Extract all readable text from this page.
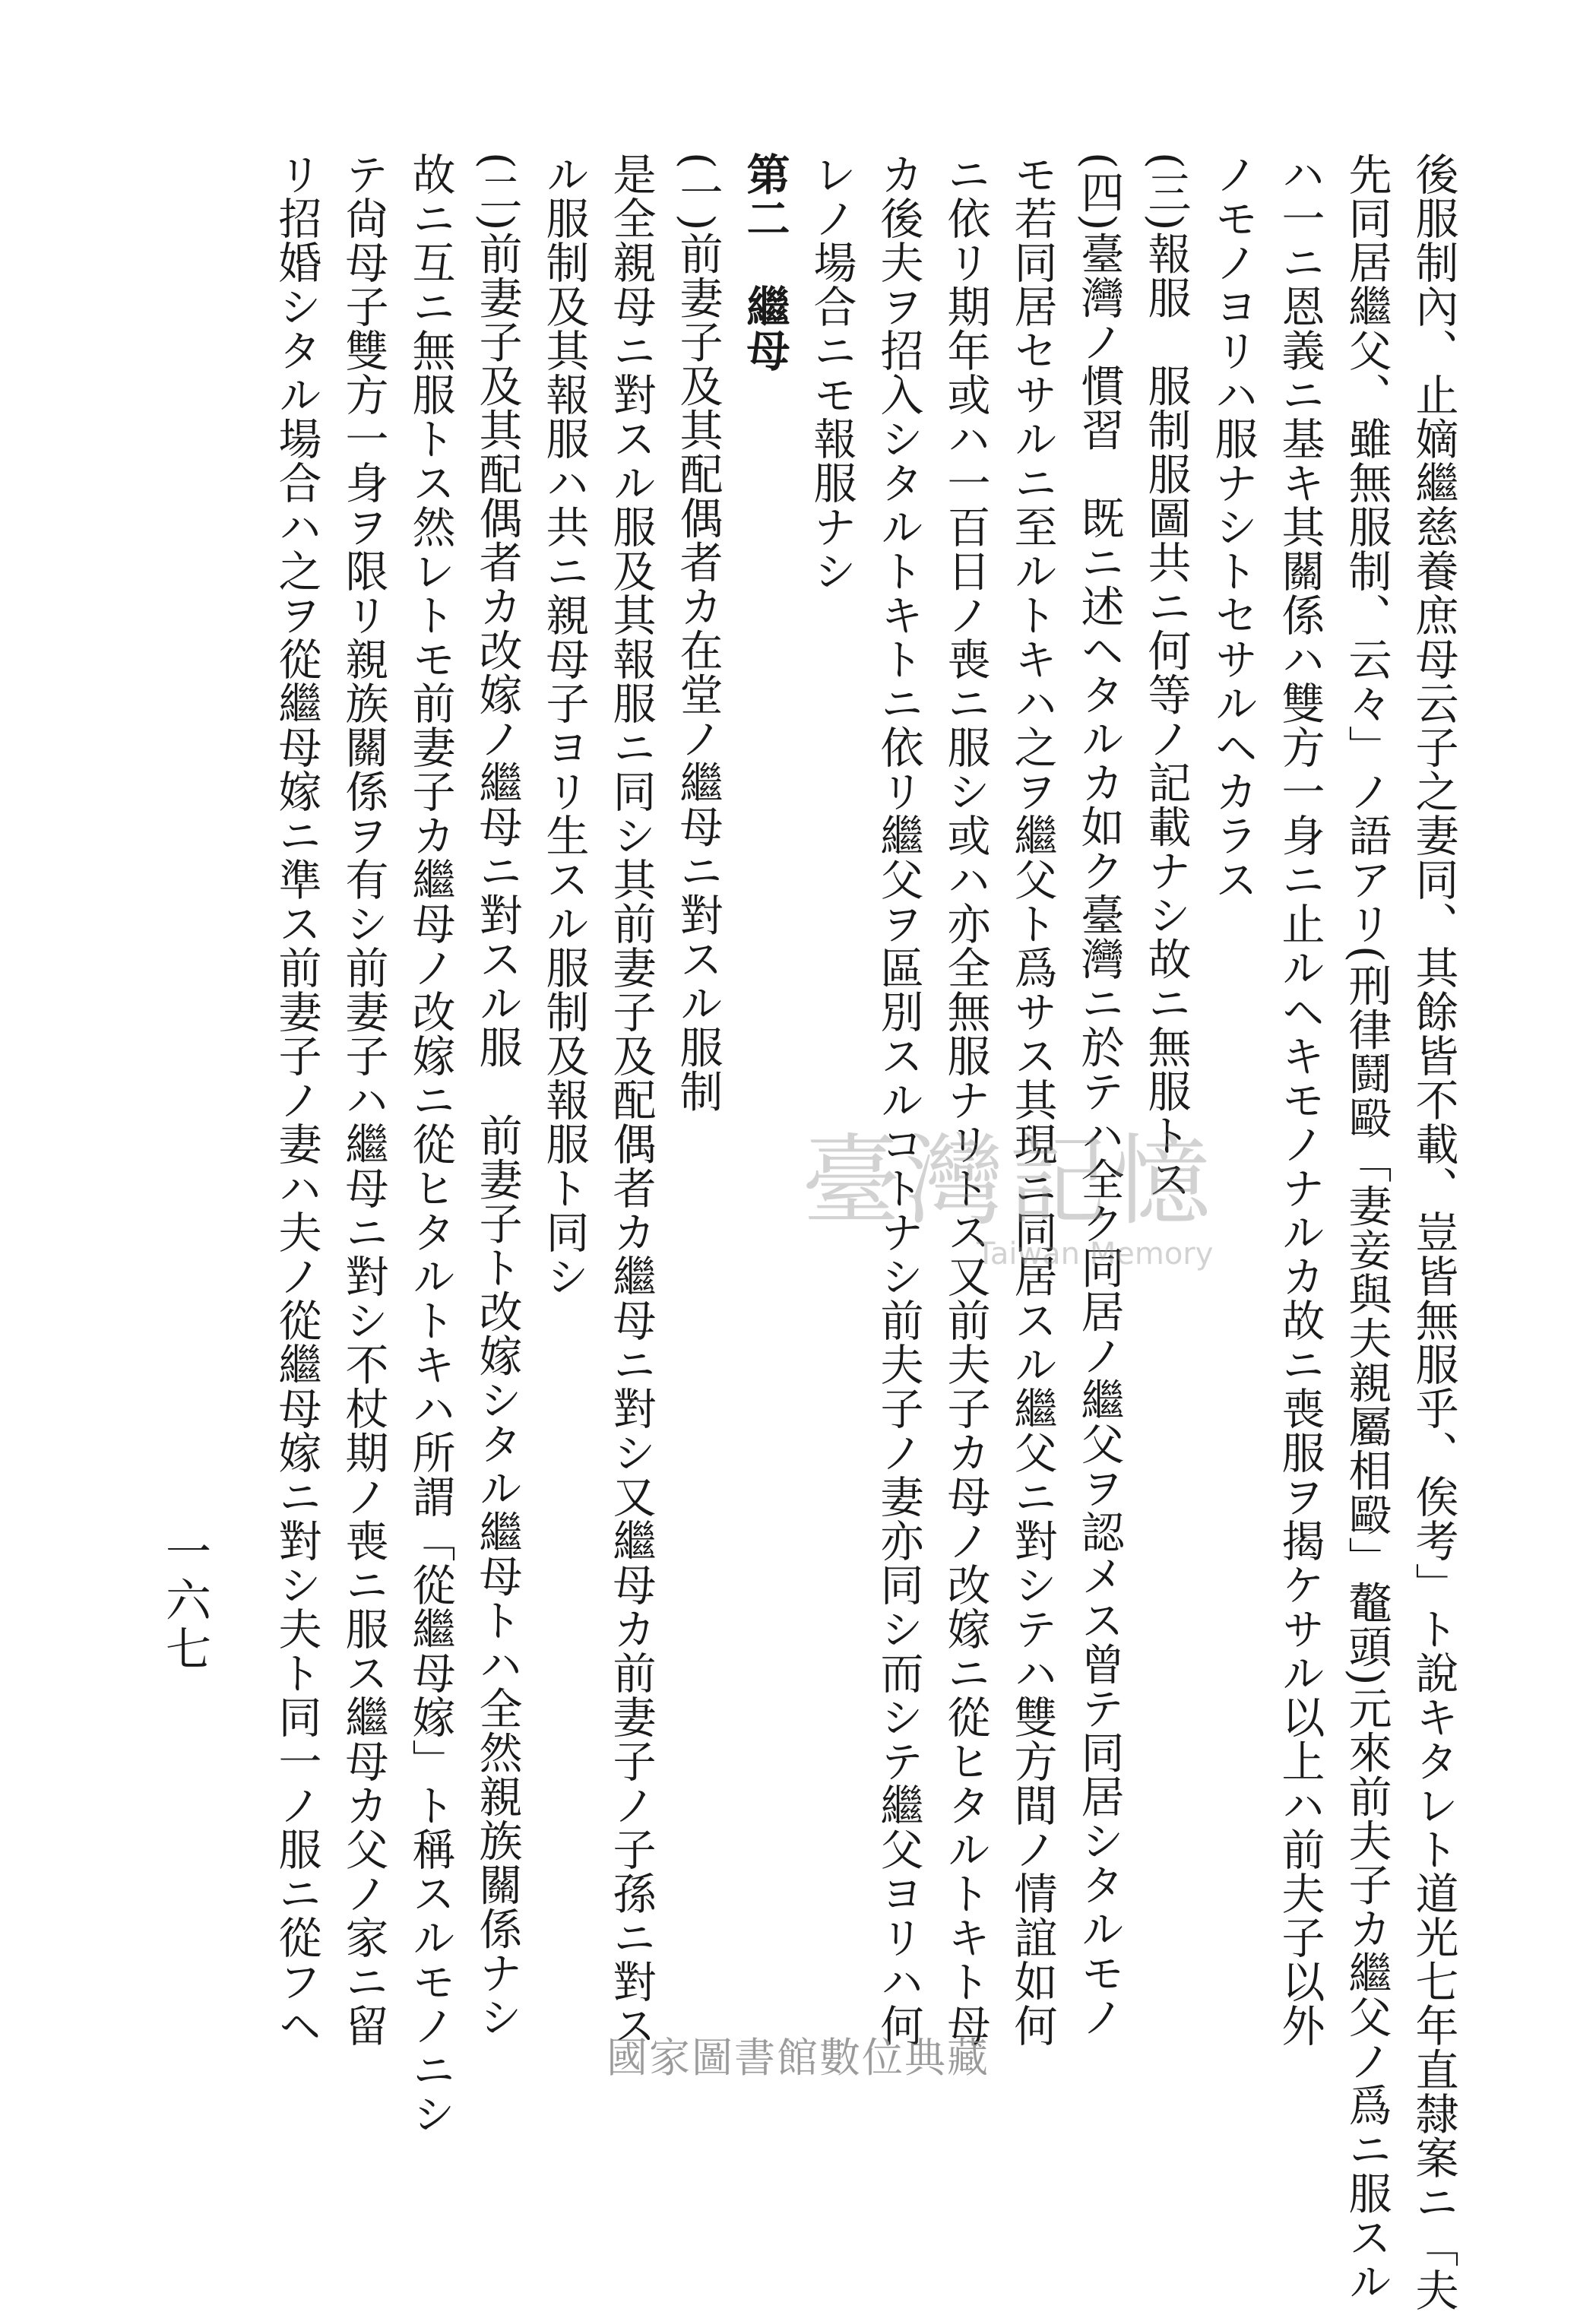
後服制內、止嫡繼慈養庶母云子之妻同、其餘皆不載、豈皆無服乎、俟考」ト說キタレト道光七年直隸案ニ「夫
先同居繼父、雖無服制、云々」ノ語アリ(刑律鬪毆「妻妾與夫親屬相毆」鼇頭)元來前夫子カ繼父ノ爲ニ服スル
ハ一ニ恩義ニ基キ其關係ハ雙方一身ニ止ルヘキモノナルカ故ニ喪服ヲ揭ケサル以上ハ前夫子以外
ノモノヨリハ服ナシトセサルヘカラス
(三)報服　服制服圖共ニ何等ノ記載ナシ故ニ無服トス
(四)臺灣ノ慣習　既ニ述ヘタルカ如ク臺灣ニ於テハ全ク同居ノ繼父ヲ認メス曾テ同居シタルモノ
モ若同居セサルニ至ルトキハ之ヲ繼父ト爲サス其現ニ同居スル繼父ニ對シテハ雙方間ノ情誼如何
ニ依リ期年或ハ一百日ノ喪ニ服シ或ハ亦全無服ナリトス又前夫子カ母ノ改嫁ニ從ヒタルトキト母
カ後夫ヲ招入シタルトキトニ依リ繼父ヲ區別スルコトナシ前夫子ノ妻亦同シ而シテ繼父ヨリハ何
レノ場合ニモ報服ナシ
第二　繼母
(一)前妻子及其配偶者カ在堂ノ繼母ニ對スル服制
是全親母ニ對スル服及其報服ニ同シ其前妻子及配偶者カ繼母ニ對シ又繼母カ前妻子ノ子孫ニ對ス
ル服制及其報服ハ共ニ親母子ヨリ生スル服制及報服ト同シ
(二)前妻子及其配偶者カ改嫁ノ繼母ニ對スル服　前妻子ト改嫁シタル繼母トハ全然親族關係ナシ
故ニ互ニ無服トス然レトモ前妻子カ繼母ノ改嫁ニ從ヒタルトキハ所謂「從繼母嫁」ト稱スルモノニシ
テ尙母子雙方一身ヲ限リ親族關係ヲ有シ前妻子ハ繼母ニ對シ不杖期ノ喪ニ服ス繼母カ父ノ家ニ留
リ招婚シタル場合ハ之ヲ從繼母嫁ニ準ス前妻子ノ妻ハ夫ノ從繼母嫁ニ對シ夫ト同一ノ服ニ從フヘ
一六七
臺灣記憶
Taiwan Memory
國家圖書館數位典藏
